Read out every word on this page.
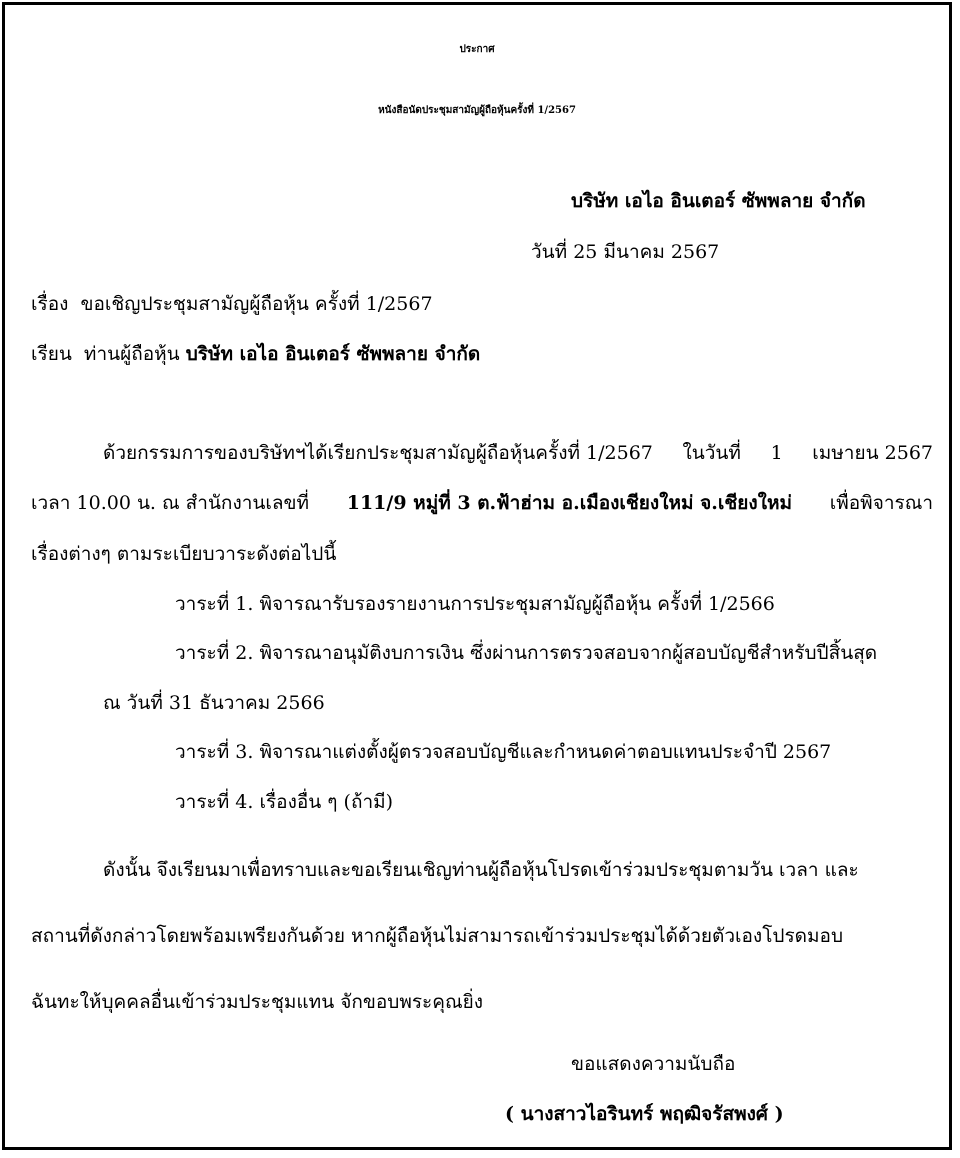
ประกาศ
หนังสือนัดประชุมสามัญผู้ถือหุ้นครั้งที่ 1/2567
บริษัท เอไอ อินเตอร์ ซัพพลาย จำกัด
วันที่ 25 มีนาคม 2567
เรื่อง ขอเชิญประชุมสามัญผู้ถือหุ้น ครั้งที่ 1/2567
เรียน ท่านผู้ถือหุ้น บริษัท เอไอ อินเตอร์ ซัพพลาย จำกัด
ด้วยกรรมการของบริษัทฯได้เรียกประชุมสามัญผู้ถือหุ้นครั้งที่ 1/2567 ในวันที่ 1 เมษายน 2567
เวลา 10.00 น. ณ สำนักงานเลขที่ 111/9 หมู่ที่ 3 ต.ฟ้าฮ่าม อ.เมืองเชียงใหม่ จ.เชียงใหม่ เพื่อพิจารณา
เรื่องต่างๆ ตามระเบียบวาระดังต่อไปนี้
วาระที่ 1. พิจารณารับรองรายงานการประชุมสามัญผู้ถือหุ้น ครั้งที่ 1/2566
วาระที่ 2. พิจารณาอนุมัติงบการเงิน ซึ่งผ่านการตรวจสอบจากผู้สอบบัญชีสำหรับปีสิ้นสุด
ณ วันที่ 31 ธันวาคม 2566
วาระที่ 3. พิจารณาแต่งตั้งผู้ตรวจสอบบัญชีและกำหนดค่าตอบแทนประจำปี 2567
วาระที่ 4. เรื่องอื่น ๆ (ถ้ามี)
ดังนั้น จึงเรียนมาเพื่อทราบและขอเรียนเชิญท่านผู้ถือหุ้นโปรดเข้าร่วมประชุมตามวัน เวลา และ
สถานที่ดังกล่าวโดยพร้อมเพรียงกันด้วย หากผู้ถือหุ้นไม่สามารถเข้าร่วมประชุมได้ด้วยตัวเองโปรดมอบ
ฉันทะให้บุคคลอื่นเข้าร่วมประชุมแทน จักขอบพระคุณยิ่ง
ขอแสดงความนับถือ
( นางสาวไอรินทร์ พฤฒิจรัสพงศ์ )
